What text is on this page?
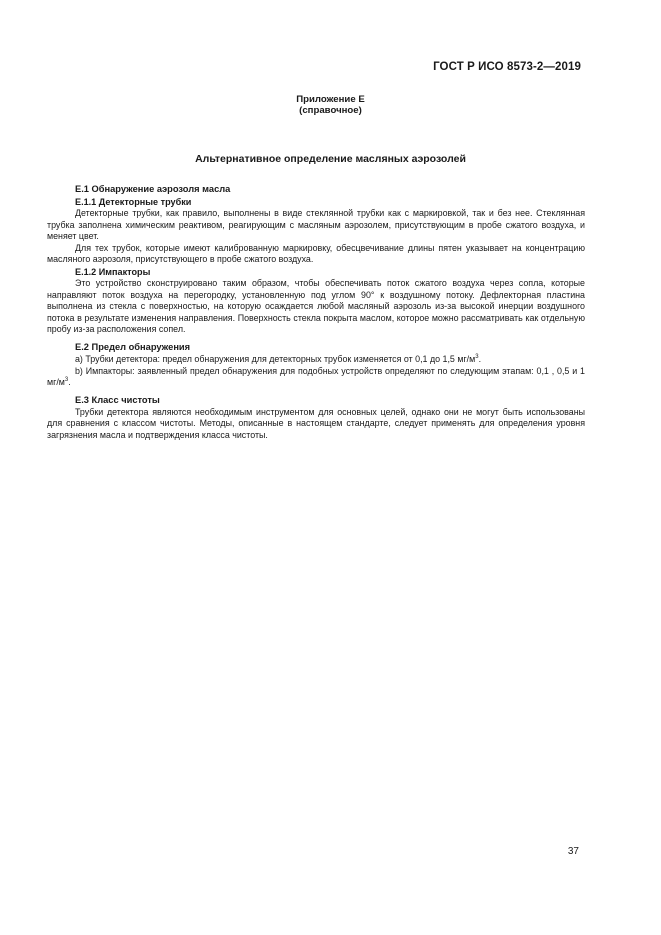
ГОСТ Р ИСО 8573-2—2019
Приложение E
(справочное)
Альтернативное определение масляных аэрозолей
E.1 Обнаружение аэрозоля масла
E.1.1 Детекторные трубки

Детекторные трубки, как правило, выполнены в виде стеклянной трубки как с маркировкой, так и без нее. Стеклянная трубка заполнена химическим реактивом, реагирующим с масляным аэрозолем, присутствующим в пробе сжатого воздуха, и меняет цвет.

Для тех трубок, которые имеют калиброванную маркировку, обесцвечивание длины пятен указывает на концентрацию масляного аэрозоля, присутствующего в пробе сжатого воздуха.

E.1.2 Импакторы

Это устройство сконструировано таким образом, чтобы обеспечивать поток сжатого воздуха через сопла, которые направляют поток воздуха на перегородку, установленную под углом 90° к воздушному потоку. Дефлекторная пластина выполнена из стекла с поверхностью, на которую осаждается любой масляный аэрозоль из-за высокой инерции воздушного потока в результате изменения направления. Поверхность стекла покрыта маслом, которое можно рассматривать как отдельную пробу из-за расположения сопел.

E.2 Предел обнаружения

а) Трубки детектора: предел обнаружения для детекторных трубок изменяется от 0,1 до 1,5 $мг/м^3$.

b) Импакторы: заявленный предел обнаружения для подобных устройств определяют по следующим этапам: 0,1 , 0,5 и 1 $мг/м^3$.

E.3 Класс чистоты

Трубки детектора являются необходимым инструментом для основных целей, однако они не могут быть использованы для сравнения с классом чистоты. Методы, описанные в настоящем стандарте, следует применять для определения уровня загрязнения масла и подтверждения класса чистоты.

37
